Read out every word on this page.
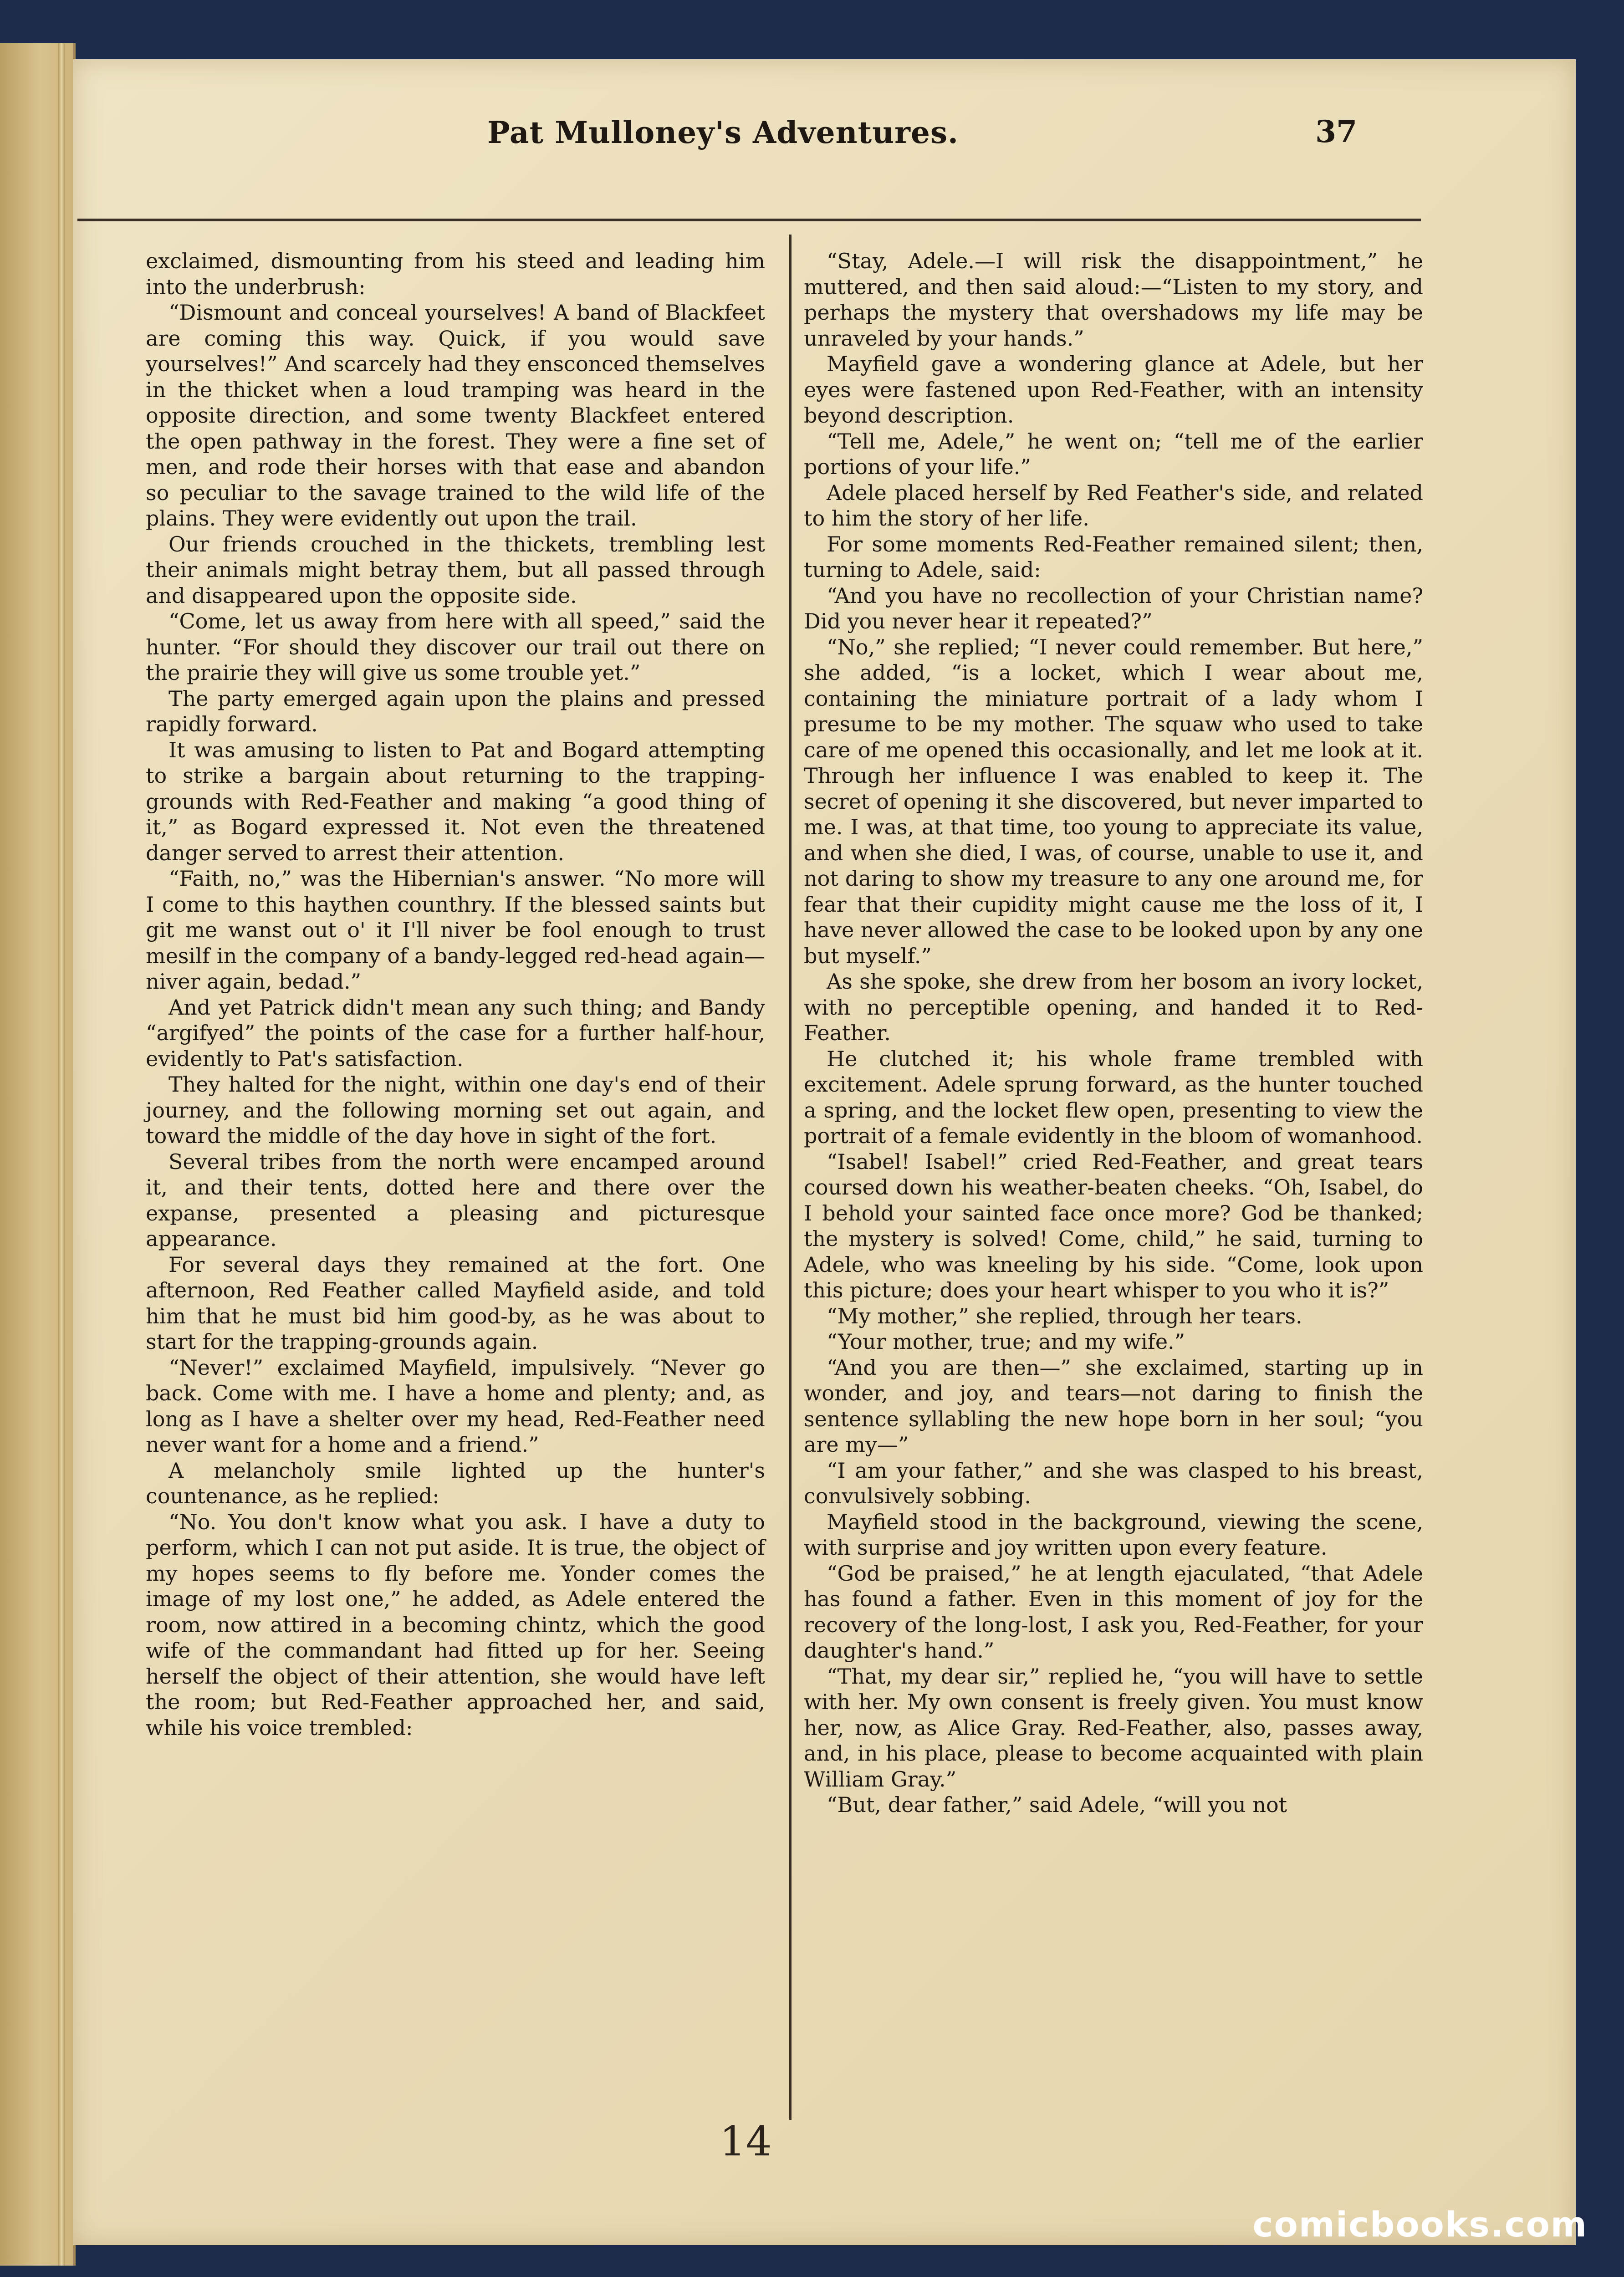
Pat Mulloney's Adventures.	37

exclaimed, dismounting from his steed and leading him into the underbrush:

“Dismount and conceal yourselves! A band of Blackfeet are coming this way. Quick, if you would save yourselves!” And scarcely had they ensconced themselves in the thicket when a loud tramping was heard in the opposite direction, and some twenty Blackfeet entered the open pathway in the forest. They were a fine set of men, and rode their horses with that ease and abandon so peculiar to the savage trained to the wild life of the plains. They were evidently out upon the trail.

Our friends crouched in the thickets, trembling lest their animals might betray them, but all passed through and disappeared upon the opposite side.

“Come, let us away from here with all speed,” said the hunter. “For should they discover our trail out there on the prairie they will give us some trouble yet.”

The party emerged again upon the plains and pressed rapidly forward.

It was amusing to listen to Pat and Bogard attempting to strike a bargain about returning to the trapping-grounds with Red-Feather and making “a good thing of it,” as Bogard expressed it. Not even the threatened danger served to arrest their attention.

“Faith, no,” was the Hibernian's answer. “No more will I come to this haythen counthry. If the blessed saints but git me wanst out o' it I'll niver be fool enough to trust mesilf in the company of a bandy-legged red-head again—niver again, bedad.”

And yet Patrick didn't mean any such thing; and Bandy “argifyed” the points of the case for a further half-hour, evidently to Pat's satisfaction.

They halted for the night, within one day's end of their journey, and the following morning set out again, and toward the middle of the day hove in sight of the fort.

Several tribes from the north were encamped around it, and their tents, dotted here and there over the expanse, presented a pleasing and picturesque appearance.

For several days they remained at the fort. One afternoon, Red Feather called Mayfield aside, and told him that he must bid him good-by, as he was about to start for the trapping-grounds again.

“Never!” exclaimed Mayfield, impulsively. “Never go back. Come with me. I have a home and plenty; and, as long as I have a shelter over my head, Red-Feather need never want for a home and a friend.”

A melancholy smile lighted up the hunter's countenance, as he replied:

“No. You don't know what you ask. I have a duty to perform, which I can not put aside. It is true, the object of my hopes seems to fly before me. Yonder comes the image of my lost one,” he added, as Adele entered the room, now attired in a becoming chintz, which the good wife of the commandant had fitted up for her. Seeing herself the object of their attention, she would have left the room; but Red-Feather approached her, and said, while his voice trembled:

“Stay, Adele.—I will risk the disappointment,” he muttered, and then said aloud:—“Listen to my story, and perhaps the mystery that overshadows my life may be unraveled by your hands.”

Mayfield gave a wondering glance at Adele, but her eyes were fastened upon Red-Feather, with an intensity beyond description.

“Tell me, Adele,” he went on; “tell me of the earlier portions of your life.”

Adele placed herself by Red Feather's side, and related to him the story of her life.

For some moments Red-Feather remained silent; then, turning to Adele, said:

“And you have no recollection of your Christian name? Did you never hear it repeated?”

“No,” she replied; “I never could remember. But here,” she added, “is a locket, which I wear about me, containing the miniature portrait of a lady whom I presume to be my mother. The squaw who used to take care of me opened this occasionally, and let me look at it. Through her influence I was enabled to keep it. The secret of opening it she discovered, but never imparted to me. I was, at that time, too young to appreciate its value, and when she died, I was, of course, unable to use it, and not daring to show my treasure to any one around me, for fear that their cupidity might cause me the loss of it, I have never allowed the case to be looked upon by any one but myself.”

As she spoke, she drew from her bosom an ivory locket, with no perceptible opening, and handed it to Red-Feather.

He clutched it; his whole frame trembled with excitement. Adele sprung forward, as the hunter touched a spring, and the locket flew open, presenting to view the portrait of a female evidently in the bloom of womanhood.

“Isabel! Isabel!” cried Red-Feather, and great tears coursed down his weather-beaten cheeks. “Oh, Isabel, do I behold your sainted face once more? God be thanked; the mystery is solved! Come, child,” he said, turning to Adele, who was kneeling by his side. “Come, look upon this picture; does your heart whisper to you who it is?”

“My mother,” she replied, through her tears.

“Your mother, true; and my wife.”

“And you are then—” she exclaimed, starting up in wonder, and joy, and tears—not daring to finish the sentence syllabling the new hope born in her soul; “you are my—”

“I am your father,” and she was clasped to his breast, convulsively sobbing.

Mayfield stood in the background, viewing the scene, with surprise and joy written upon every feature.

“God be praised,” he at length ejaculated, “that Adele has found a father. Even in this moment of joy for the recovery of the long-lost, I ask you, Red-Feather, for your daughter's hand.”

“That, my dear sir,” replied he, “you will have to settle with her. My own consent is freely given. You must know her, now, as Alice Gray. Red-Feather, also, passes away, and, in his place, please to become acquainted with plain William Gray.”

“But, dear father,” said Adele, “will you not

14
comicbooks.com
